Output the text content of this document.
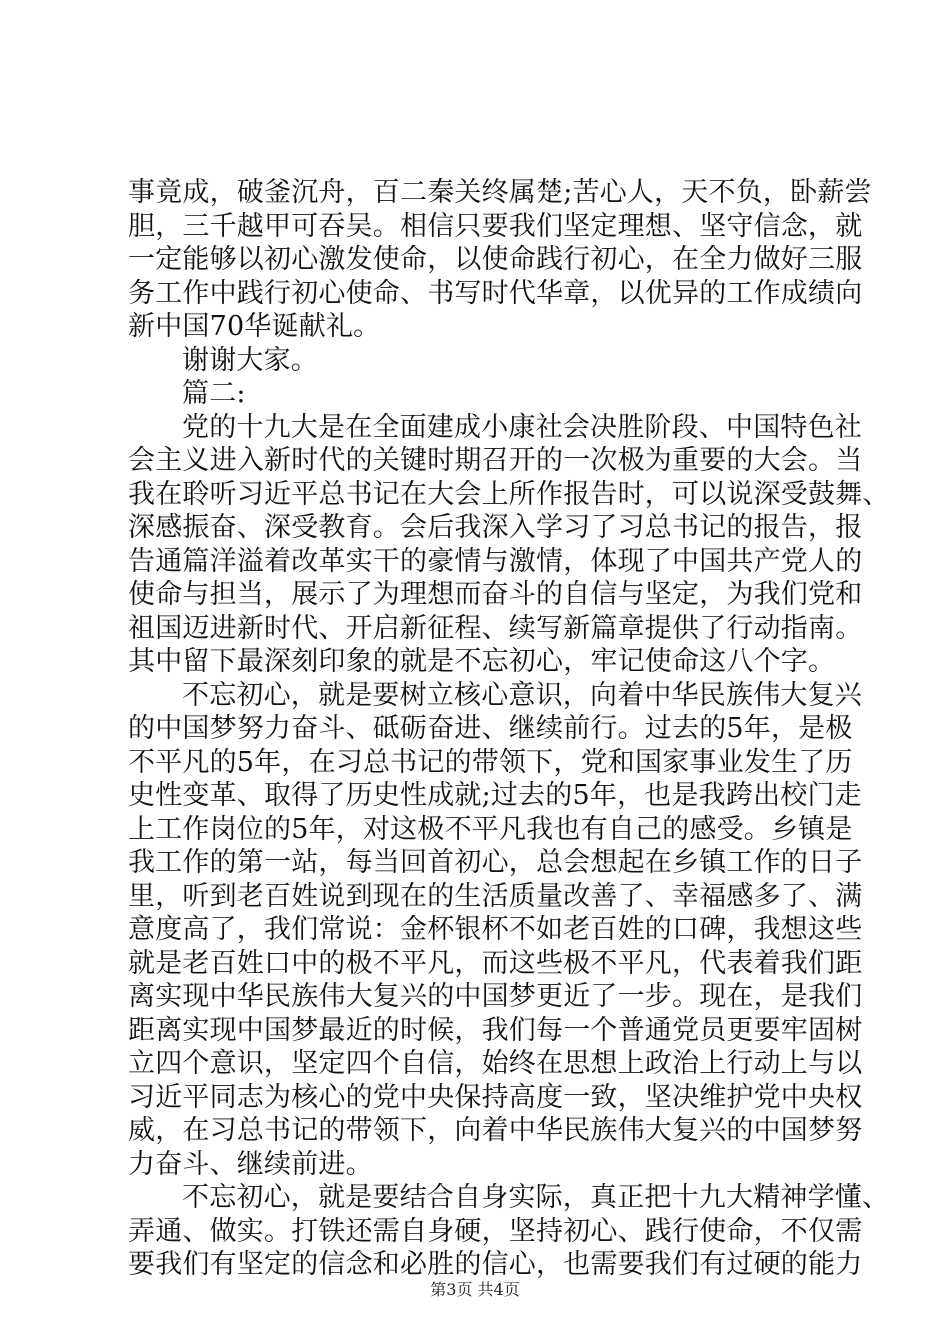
事竟成，破釜沉舟，百二秦关终属楚;苦心人，天不负，卧薪尝
胆，三千越甲可吞吴。相信只要我们坚定理想、坚守信念，就
一定能够以初心激发使命，以使命践行初心，在全力做好三服
务工作中践行初心使命、书写时代华章，以优异的工作成绩向
新中国70华诞献礼。
谢谢大家。
篇二:
党的十九大是在全面建成小康社会决胜阶段、中国特色社
会主义进入新时代的关键时期召开的一次极为重要的大会。当
我在聆听习近平总书记在大会上所作报告时，可以说深受鼓舞、
深感振奋、深受教育。会后我深入学习了习总书记的报告，报
告通篇洋溢着改革实干的豪情与激情，体现了中国共产党人的
使命与担当，展示了为理想而奋斗的自信与坚定，为我们党和
祖国迈进新时代、开启新征程、续写新篇章提供了行动指南。
其中留下最深刻印象的就是不忘初心，牢记使命这八个字。
不忘初心，就是要树立核心意识，向着中华民族伟大复兴
的中国梦努力奋斗、砥砺奋进、继续前行。过去的5年，是极
不平凡的5年，在习总书记的带领下，党和国家事业发生了历
史性变革、取得了历史性成就;过去的5年，也是我跨出校门走
上工作岗位的5年，对这极不平凡我也有自己的感受。乡镇是
我工作的第一站，每当回首初心，总会想起在乡镇工作的日子
里，听到老百姓说到现在的生活质量改善了、幸福感多了、满
意度高了，我们常说：金杯银杯不如老百姓的口碑，我想这些
就是老百姓口中的极不平凡，而这些极不平凡，代表着我们距
离实现中华民族伟大复兴的中国梦更近了一步。现在，是我们
距离实现中国梦最近的时候，我们每一个普通党员更要牢固树
立四个意识，坚定四个自信，始终在思想上政治上行动上与以
习近平同志为核心的党中央保持高度一致，坚决维护党中央权
威，在习总书记的带领下，向着中华民族伟大复兴的中国梦努
力奋斗、继续前进。
不忘初心，就是要结合自身实际，真正把十九大精神学懂、
弄通、做实。打铁还需自身硬，坚持初心、践行使命，不仅需
要我们有坚定的信念和必胜的信心，也需要我们有过硬的能力
第3页 共4页
